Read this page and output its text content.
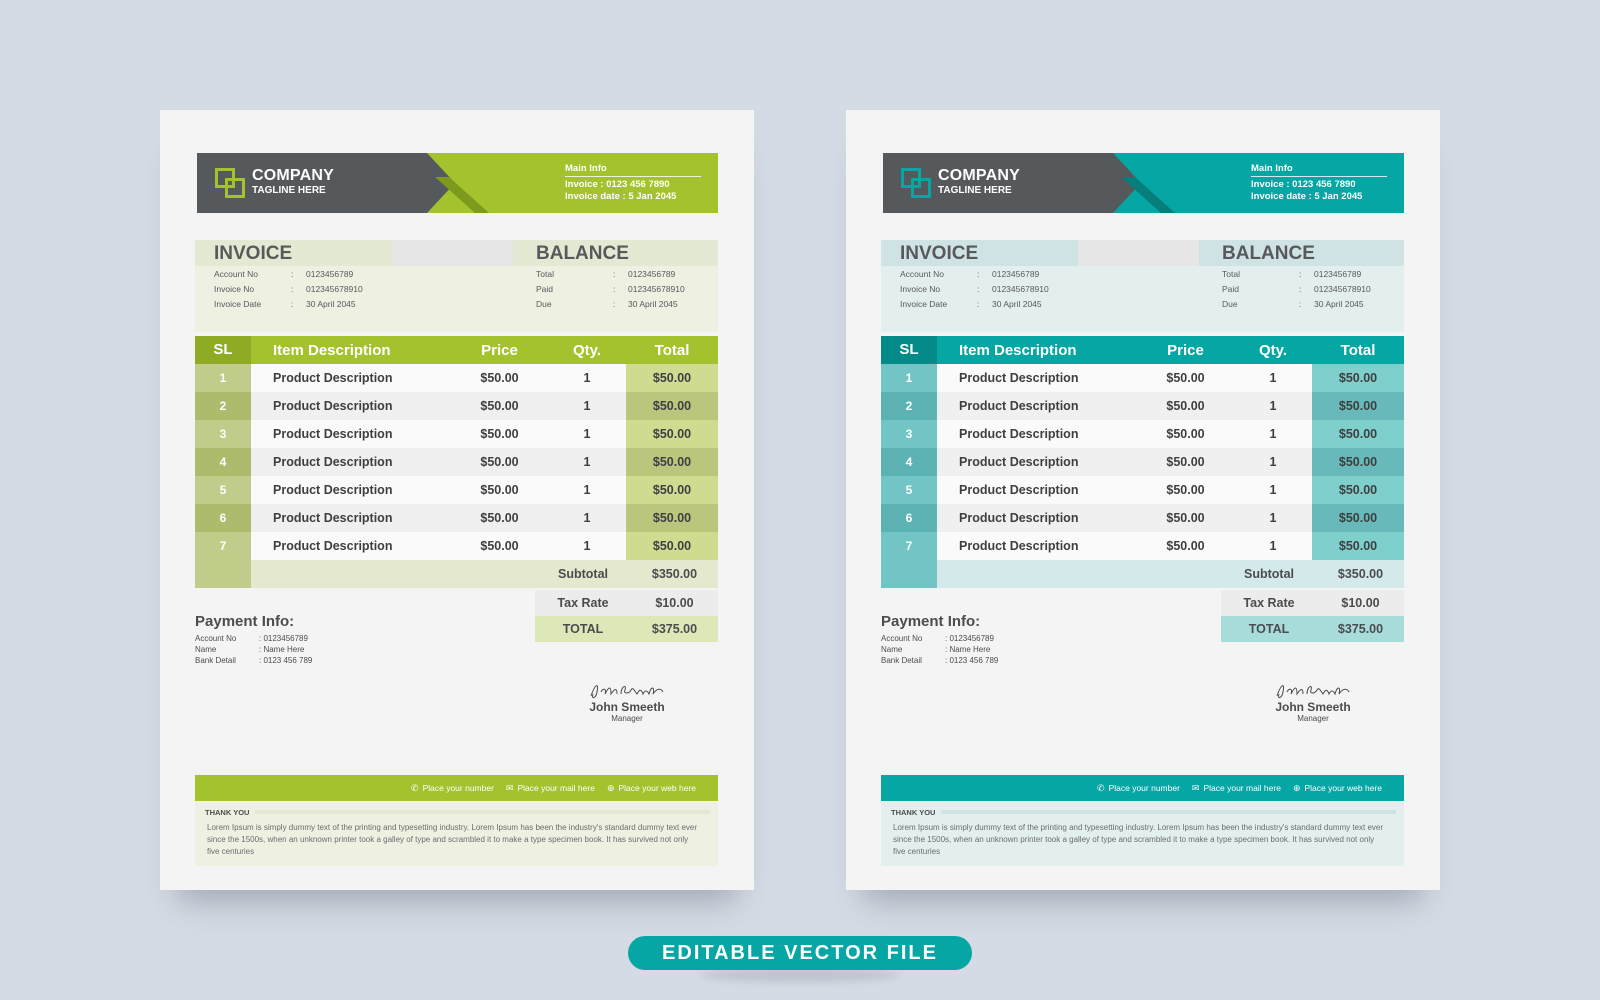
COMPANY
TAGLINE HERE
Main Info
Invoice : 0123 456 7890
Invoice date : 5 Jan 2045
INVOICE	BALANCE
Account No	:	0123456789
Invoice No	:	012345678910
Invoice Date	:	30 April 2045
Total	:	0123456789
Paid	:	012345678910
Due	:	30 April 2045
SL	Item Description	Price	Qty.	Total
1	Product Description	$50.00	1	$50.00
2	Product Description	$50.00	1	$50.00
3	Product Description	$50.00	1	$50.00
4	Product Description	$50.00	1	$50.00
5	Product Description	$50.00	1	$50.00
6	Product Description	$50.00	1	$50.00
7	Product Description	$50.00	1	$50.00
Subtotal	$350.00
Tax Rate	$10.00
TOTAL	$375.00
Payment Info:
Account No	: 0123456789
Name	: Name Here
Bank Detail	: 0123 456 789
John Smeeth
Manager
✆ Place your number ✉ Place your mail here ⊕ Place your web here
THANK YOU
Lorem Ipsum is simply dummy text of the printing and typesetting industry. Lorem Ipsum has been the industry's standard dummy text ever since the 1500s, when an unknown printer took a galley of type and scrambled it to make a type specimen book. It has survived not only five centuries
COMPANY
TAGLINE HERE
Main Info
Invoice : 0123 456 7890
Invoice date : 5 Jan 2045
INVOICE	BALANCE
Account No	:	0123456789
Invoice No	:	012345678910
Invoice Date	:	30 April 2045
Total	:	0123456789
Paid	:	012345678910
Due	:	30 April 2045
SL	Item Description	Price	Qty.	Total
1	Product Description	$50.00	1	$50.00
2	Product Description	$50.00	1	$50.00
3	Product Description	$50.00	1	$50.00
4	Product Description	$50.00	1	$50.00
5	Product Description	$50.00	1	$50.00
6	Product Description	$50.00	1	$50.00
7	Product Description	$50.00	1	$50.00
Subtotal	$350.00
Tax Rate	$10.00
TOTAL	$375.00
Payment Info:
Account No	: 0123456789
Name	: Name Here
Bank Detail	: 0123 456 789
John Smeeth
Manager
✆ Place your number ✉ Place your mail here ⊕ Place your web here
THANK YOU
Lorem Ipsum is simply dummy text of the printing and typesetting industry. Lorem Ipsum has been the industry's standard dummy text ever since the 1500s, when an unknown printer took a galley of type and scrambled it to make a type specimen book. It has survived not only five centuries
EDITABLE VECTOR FILE
